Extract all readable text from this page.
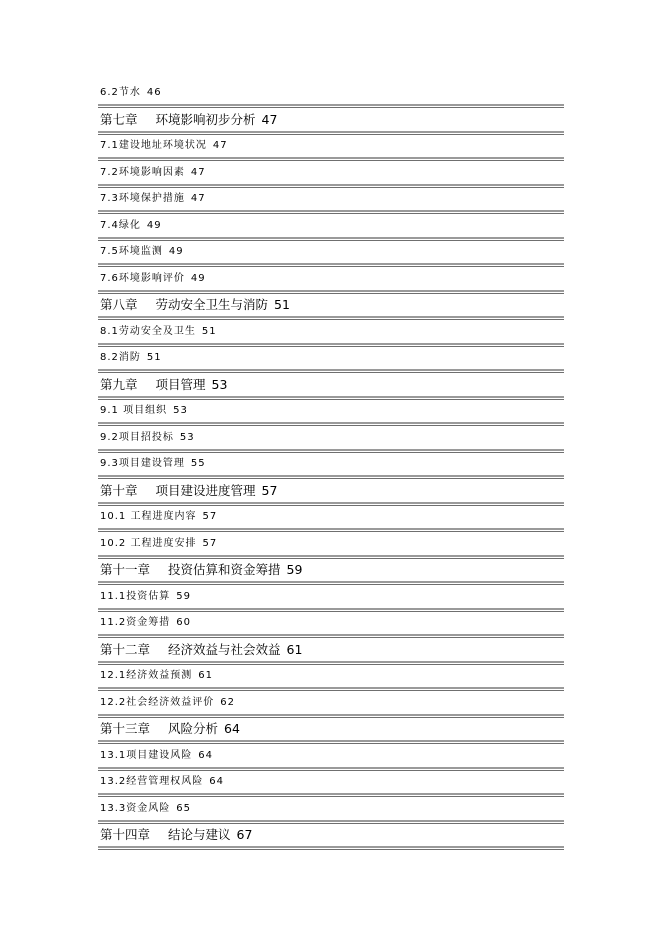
6.2节水 46
第七章 环境影响初步分析 47
7.1建设地址环境状况 47
7.2环境影响因素 47
7.3环境保护措施 47
7.4绿化 49
7.5环境监测 49
7.6环境影响评价 49
第八章 劳动安全卫生与消防 51
8.1劳动安全及卫生 51
8.2消防 51
第九章 项目管理 53
9.1 项目组织 53
9.2项目招投标 53
9.3项目建设管理 55
第十章 项目建设进度管理 57
10.1 工程进度内容 57
10.2 工程进度安排 57
第十一章 投资估算和资金筹措 59
11.1投资估算 59
11.2资金筹措 60
第十二章 经济效益与社会效益 61
12.1经济效益预测 61
12.2社会经济效益评价 62
第十三章 风险分析 64
13.1项目建设风险 64
13.2经营管理权风险 64
13.3资金风险 65
第十四章 结论与建议 67
